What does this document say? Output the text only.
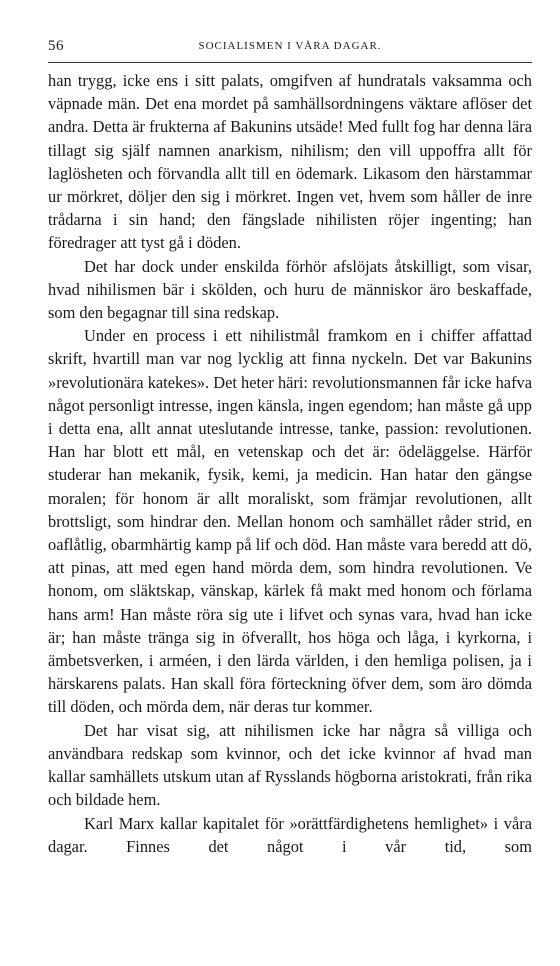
56	SOCIALISMEN I VÅRA DAGAR.

han trygg, icke ens i sitt palats, omgifven af hundratals vaksamma och väpnade män. Det ena mordet på samhällsordningens väktare aflöser det andra. Detta är frukterna af Bakunins utsäde! Med fullt fog har denna lära tillagt sig själf namnen anarkism, nihilism; den vill uppoffra allt för laglösheten och förvandla allt till en ödemark. Likasom den härstammar ur mörkret, döljer den sig i mörkret. Ingen vet, hvem som håller de inre trådarna i sin hand; den fängslade nihilisten röjer ingenting; han föredrager att tyst gå i döden.

Det har dock under enskilda förhör afslöjats åtskilligt, som visar, hvad nihilismen bär i skölden, och huru de människor äro beskaffade, som den begagnar till sina redskap.

Under en process i ett nihilistmål framkom en i chiffer affattad skrift, hvartill man var nog lycklig att finna nyckeln. Det var Bakunins »revolutionära katekes». Det heter häri: revolutionsmannen får icke hafva något personligt intresse, ingen känsla, ingen egendom; han måste gå upp i detta ena, allt annat uteslutande intresse, tanke, passion: revolutionen. Han har blott ett mål, en vetenskap och det är: ödeläggelse. Härför studerar han mekanik, fysik, kemi, ja medicin. Han hatar den gängse moralen; för honom är allt moraliskt, som främjar revolutionen, allt brottsligt, som hindrar den. Mellan honom och samhället råder strid, en oaflåtlig, obarmhärtig kamp på lif och död. Han måste vara beredd att dö, att pinas, att med egen hand mörda dem, som hindra revolutionen. Ve honom, om släktskap, vänskap, kärlek få makt med honom och förlama hans arm! Han måste röra sig ute i lifvet och synas vara, hvad han icke är; han måste tränga sig in öfverallt, hos höga och låga, i kyrkorna, i ämbetsverken, i arméen, i den lärda världen, i den hemliga polisen, ja i härskarens palats. Han skall föra förteckning öfver dem, som äro dömda till döden, och mörda dem, när deras tur kommer.

Det har visat sig, att nihilismen icke har några så villiga och användbara redskap som kvinnor, och det icke kvinnor af hvad man kallar samhällets utskum utan af Rysslands högborna aristokrati, från rika och bildade hem.

Karl Marx kallar kapitalet för »orättfärdighetens hemlighet» i våra dagar. Finnes det något i vår tid, som
